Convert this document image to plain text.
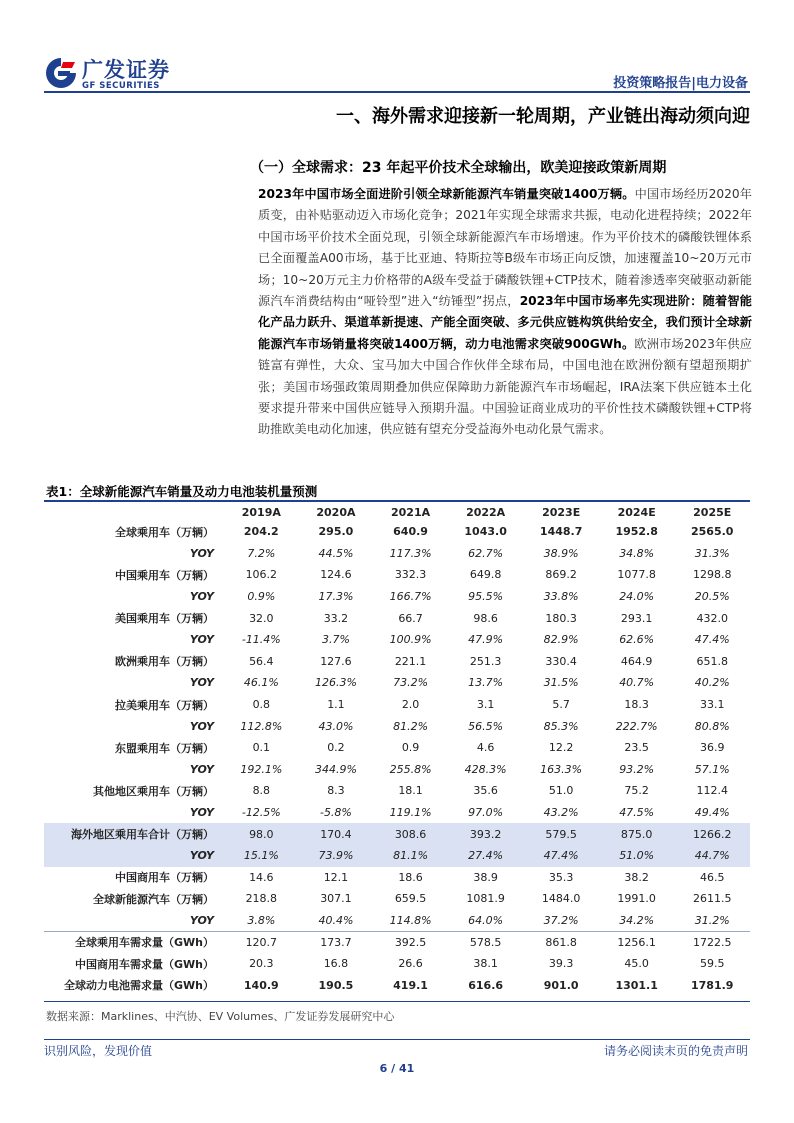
广发证券
GF SECURITIES	投资策略报告|电力设备
一、海外需求迎接新一轮周期，产业链出海动须向迎
（一）全球需求：23 年起平价技术全球输出，欧美迎接政策新周期
2023年中国市场全面进阶引领全球新能源汽车销量突破1400万辆。中国市场经历2020年质变，由补贴驱动迈入市场化竞争；2021年实现全球需求共振，电动化进程持续；2022年中国市场平价技术全面兑现，引领全球新能源汽车市场增速。作为平价技术的磷酸铁锂体系已全面覆盖A00市场，基于比亚迪、特斯拉等B级车市场正向反馈，加速覆盖10~20万元市场；10~20万元主力价格带的A级车受益于磷酸铁锂+CTP技术，随着渗透率突破驱动新能源汽车消费结构由“哑铃型”进入“纺锤型”拐点，2023年中国市场率先实现进阶：随着智能化产品力跃升、渠道革新提速、产能全面突破、多元供应链构筑供给安全，我们预计全球新能源汽车市场销量将突破1400万辆，动力电池需求突破900GWh。欧洲市场2023年供应链富有弹性，大众、宝马加大中国合作伙伴全球布局，中国电池在欧洲份额有望超预期扩张；美国市场强政策周期叠加供应保障助力新能源汽车市场崛起，IRA法案下供应链本土化要求提升带来中国供应链导入预期升温。中国验证商业成功的平价性技术磷酸铁锂+CTP将助推欧美电动化加速，供应链有望充分受益海外电动化景气需求。
表1：全球新能源汽车销量及动力电池装机量预测
	2019A	2020A	2021A	2022A	2023E	2024E	2025E
全球乘用车（万辆）	204.2	295.0	640.9	1043.0	1448.7	1952.8	2565.0
YOY	7.2%	44.5%	117.3%	62.7%	38.9%	34.8%	31.3%
中国乘用车（万辆）	106.2	124.6	332.3	649.8	869.2	1077.8	1298.8
YOY	0.9%	17.3%	166.7%	95.5%	33.8%	24.0%	20.5%
美国乘用车（万辆）	32.0	33.2	66.7	98.6	180.3	293.1	432.0
YOY	-11.4%	3.7%	100.9%	47.9%	82.9%	62.6%	47.4%
欧洲乘用车（万辆）	56.4	127.6	221.1	251.3	330.4	464.9	651.8
YOY	46.1%	126.3%	73.2%	13.7%	31.5%	40.7%	40.2%
拉美乘用车（万辆）	0.8	1.1	2.0	3.1	5.7	18.3	33.1
YOY	112.8%	43.0%	81.2%	56.5%	85.3%	222.7%	80.8%
东盟乘用车（万辆）	0.1	0.2	0.9	4.6	12.2	23.5	36.9
YOY	192.1%	344.9%	255.8%	428.3%	163.3%	93.2%	57.1%
其他地区乘用车（万辆）	8.8	8.3	18.1	35.6	51.0	75.2	112.4
YOY	-12.5%	-5.8%	119.1%	97.0%	43.2%	47.5%	49.4%
海外地区乘用车合计（万辆）	98.0	170.4	308.6	393.2	579.5	875.0	1266.2
YOY	15.1%	73.9%	81.1%	27.4%	47.4%	51.0%	44.7%
中国商用车（万辆）	14.6	12.1	18.6	38.9	35.3	38.2	46.5
全球新能源汽车（万辆）	218.8	307.1	659.5	1081.9	1484.0	1991.0	2611.5
YOY	3.8%	40.4%	114.8%	64.0%	37.2%	34.2%	31.2%
全球乘用车需求量（GWh）	120.7	173.7	392.5	578.5	861.8	1256.1	1722.5
中国商用车需求量（GWh）	20.3	16.8	26.6	38.1	39.3	45.0	59.5
全球动力电池需求量（GWh）	140.9	190.5	419.1	616.6	901.0	1301.1	1781.9
数据来源：Marklines、中汽协、EV Volumes、广发证券发展研究中心
识别风险，发现价值	请务必阅读末页的免责声明
6 / 41
